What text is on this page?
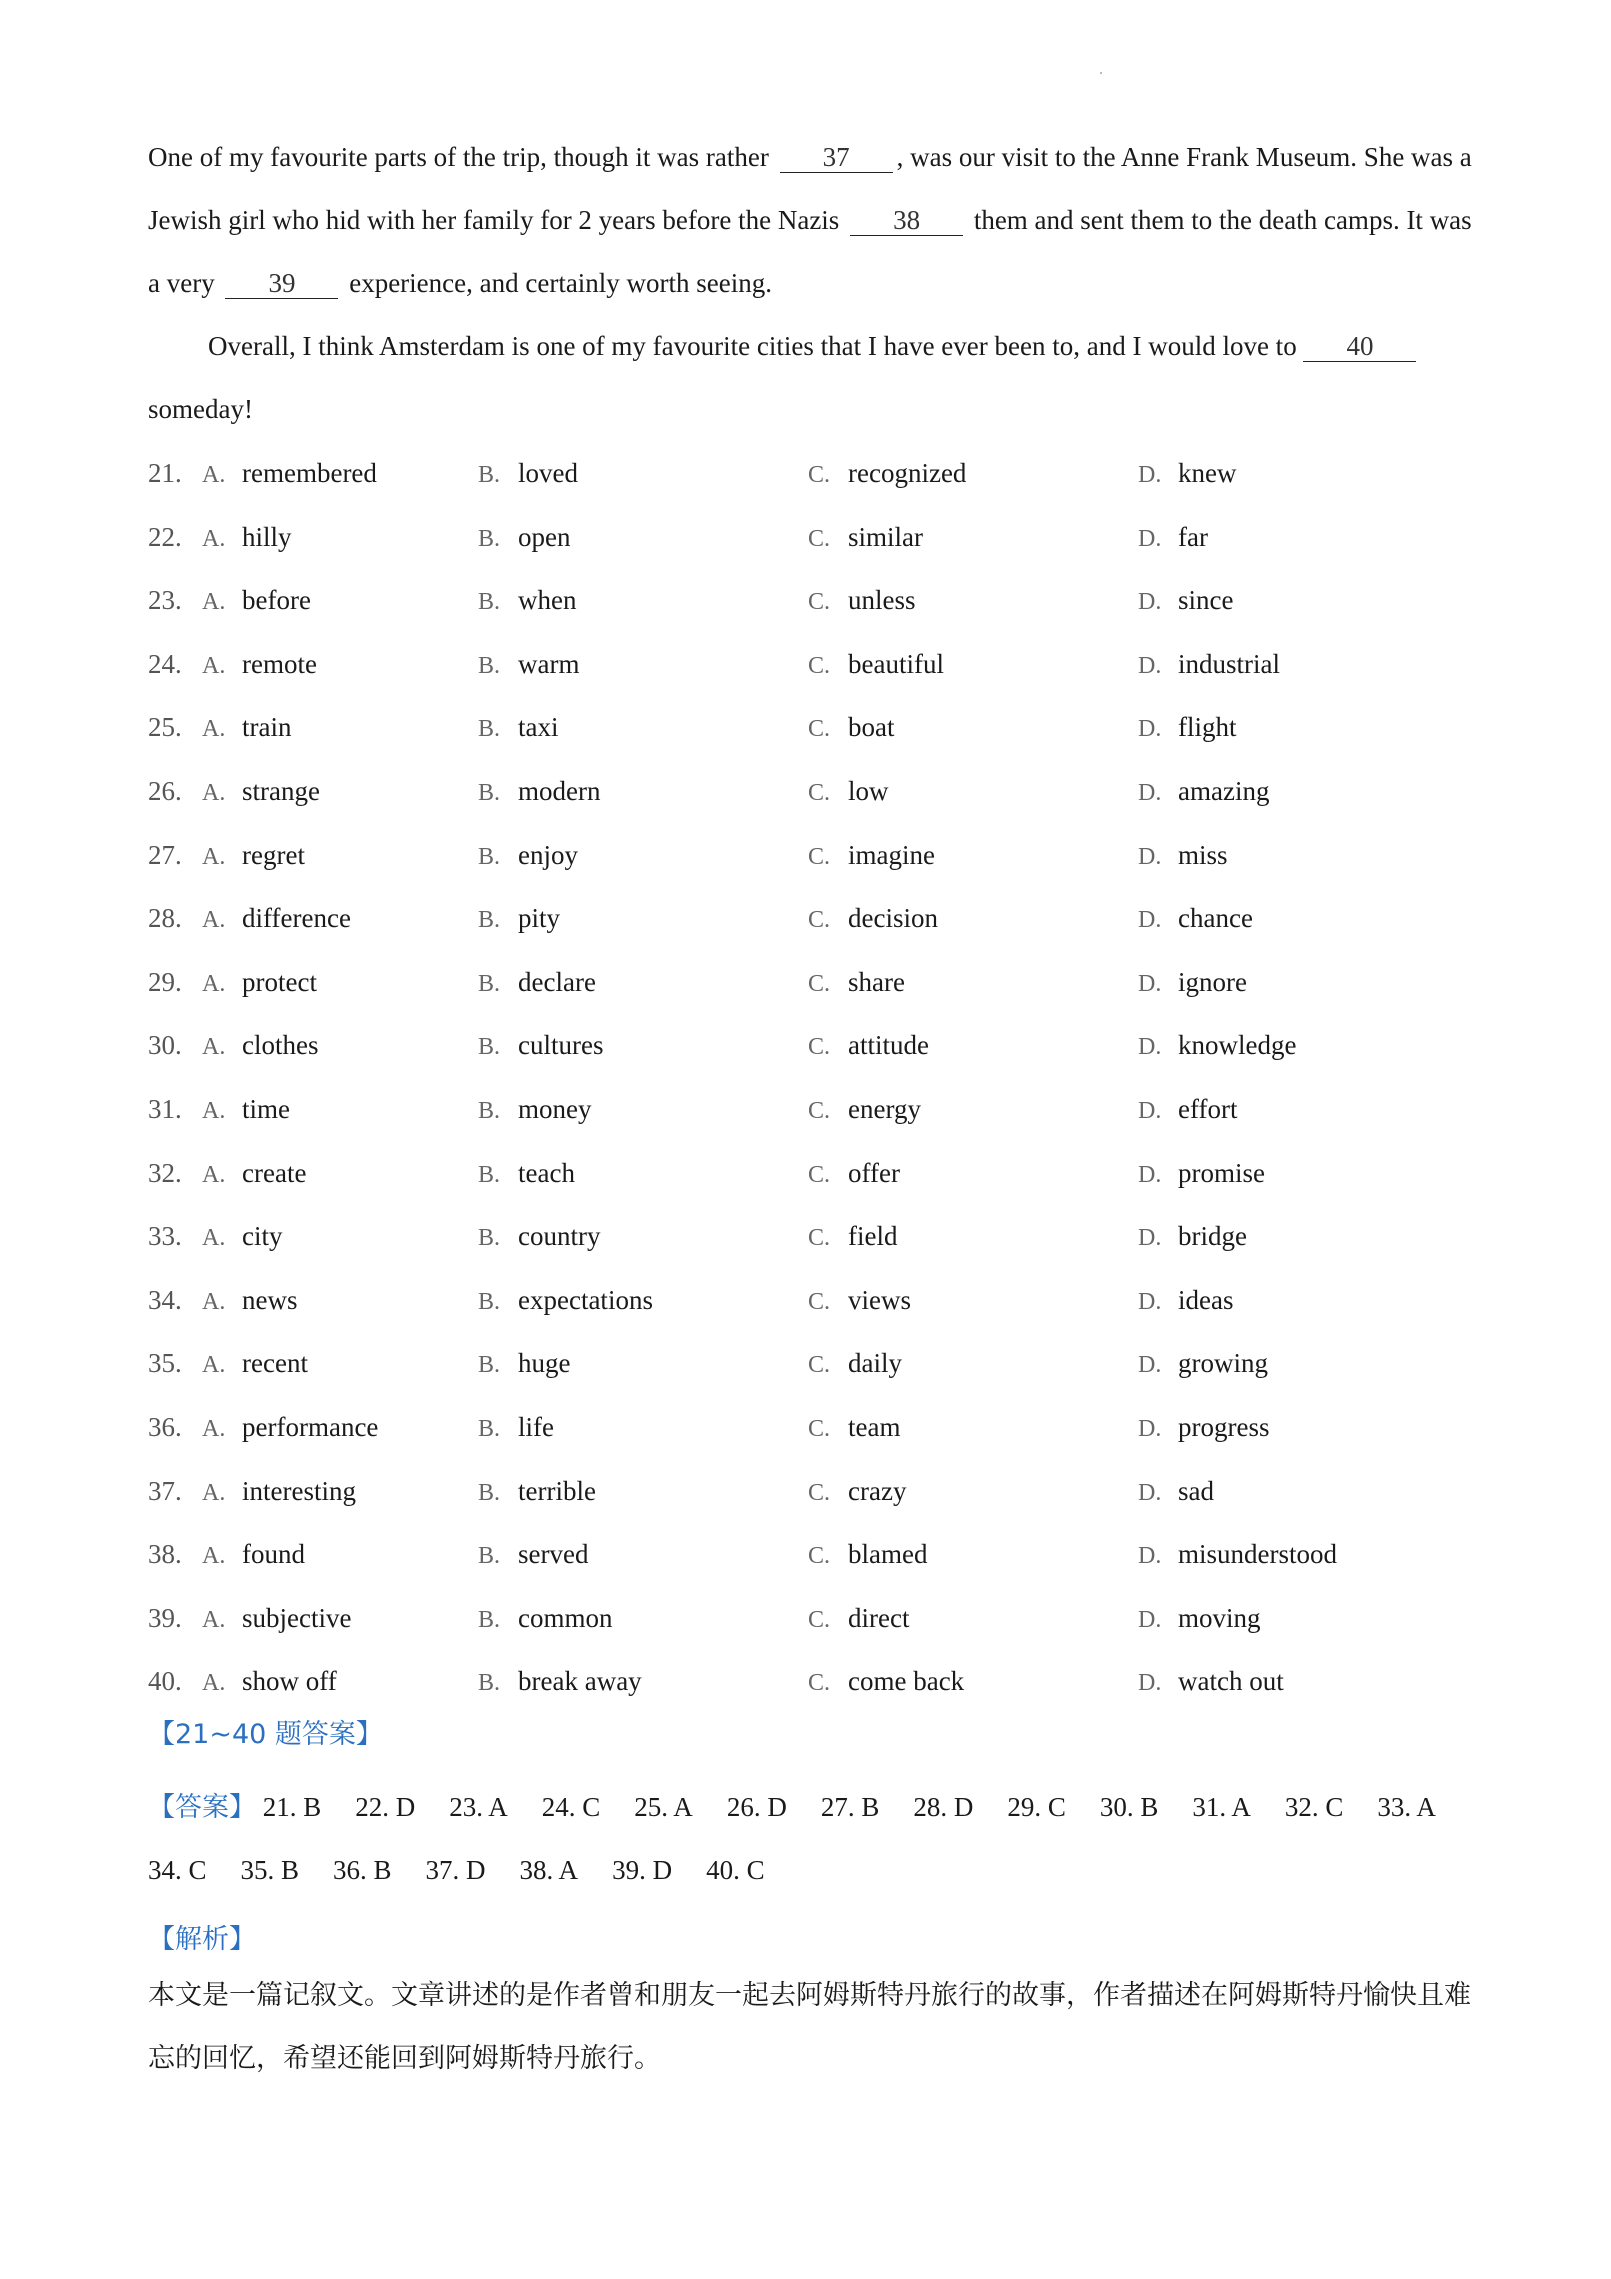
One of my favourite parts of the trip, though it was rather 37 , was our visit to the Anne Frank Museum. She was a Jewish girl who hid with her family for 2 years before the Nazis 38 them and sent them to the death camps. It was a very 39 experience, and certainly worth seeing.
Overall, I think Amsterdam is one of my favourite cities that I have ever been to, and I would love to 40 someday!
21. A. remembered	B. loved	C. recognized	D. knew
22. A. hilly	B. open	C. similar	D. far
23. A. before	B. when	C. unless	D. since
24. A. remote	B. warm	C. beautiful	D. industrial
25. A. train	B. taxi	C. boat	D. flight
26. A. strange	B. modern	C. low	D. amazing
27. A. regret	B. enjoy	C. imagine	D. miss
28. A. difference	B. pity	C. decision	D. chance
29. A. protect	B. declare	C. share	D. ignore
30. A. clothes	B. cultures	C. attitude	D. knowledge
31. A. time	B. money	C. energy	D. effort
32. A. create	B. teach	C. offer	D. promise
33. A. city	B. country	C. field	D. bridge
34. A. news	B. expectations	C. views	D. ideas
35. A. recent	B. huge	C. daily	D. growing
36. A. performance	B. life	C. team	D. progress
37. A. interesting	B. terrible	C. crazy	D. sad
38. A. found	B. served	C. blamed	D. misunderstood
39. A. subjective	B. common	C. direct	D. moving
40. A. show off	B. break away	C. come back	D. watch out
【21~40 题答案】
【答案】 21. B 22. D 23. A 24. C 25. A 26. D 27. B 28. D 29. C 30. B 31. A 32. C 33. A34. C 35. B 36. B 37. D 38. A 39. D 40. C
【解析】
本文是一篇记叙文。文章讲述的是作者曾和朋友一起去阿姆斯特丹旅行的故事，作者描述在阿姆斯特丹愉快且难忘的回忆，希望还能回到阿姆斯特丹旅行。
